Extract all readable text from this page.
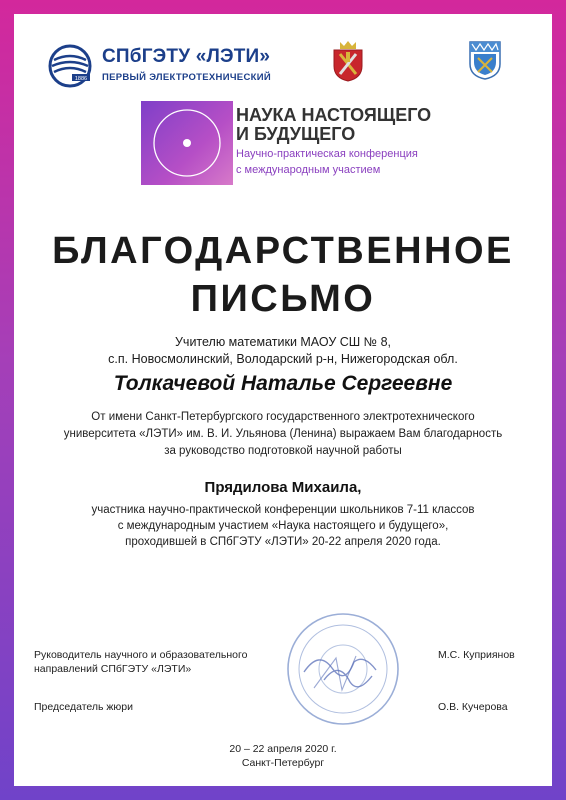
1886
СПбГЭТУ «ЛЭТИ»
ПЕРВЫЙ ЭЛЕКТРОТЕХНИЧЕСКИЙ
НАУКА НАСТОЯЩЕГО
И БУДУЩЕГО
Научно-практическая конференция
с международным участием
БЛАГОДАРСТВЕННОЕ
ПИСЬМО
Учителю математики МАОУ СШ № 8,
с.п. Новосмолинский, Володарский р-н, Нижегородская обл.
Толкачевой Наталье Сергеевне
От имени Санкт-Петербургского государственного электротехнического
университета «ЛЭТИ» им. В. И. Ульянова (Ленина) выражаем Вам благодарность
за руководство подготовкой научной работы
Прядилова Михаила,
участника научно-практической конференции школьников 7-11 классов
с международным участием «Наука настоящего и будущего»,
проходившей в СПбГЭТУ «ЛЭТИ» 20-22 апреля 2020 года.
Руководитель научного и образовательного
направлений СПбГЭТУ «ЛЭТИ»
М.С. Куприянов
Председатель жюри	О.В. Кучерова
20 – 22 апреля 2020 г.
Санкт-Петербург
